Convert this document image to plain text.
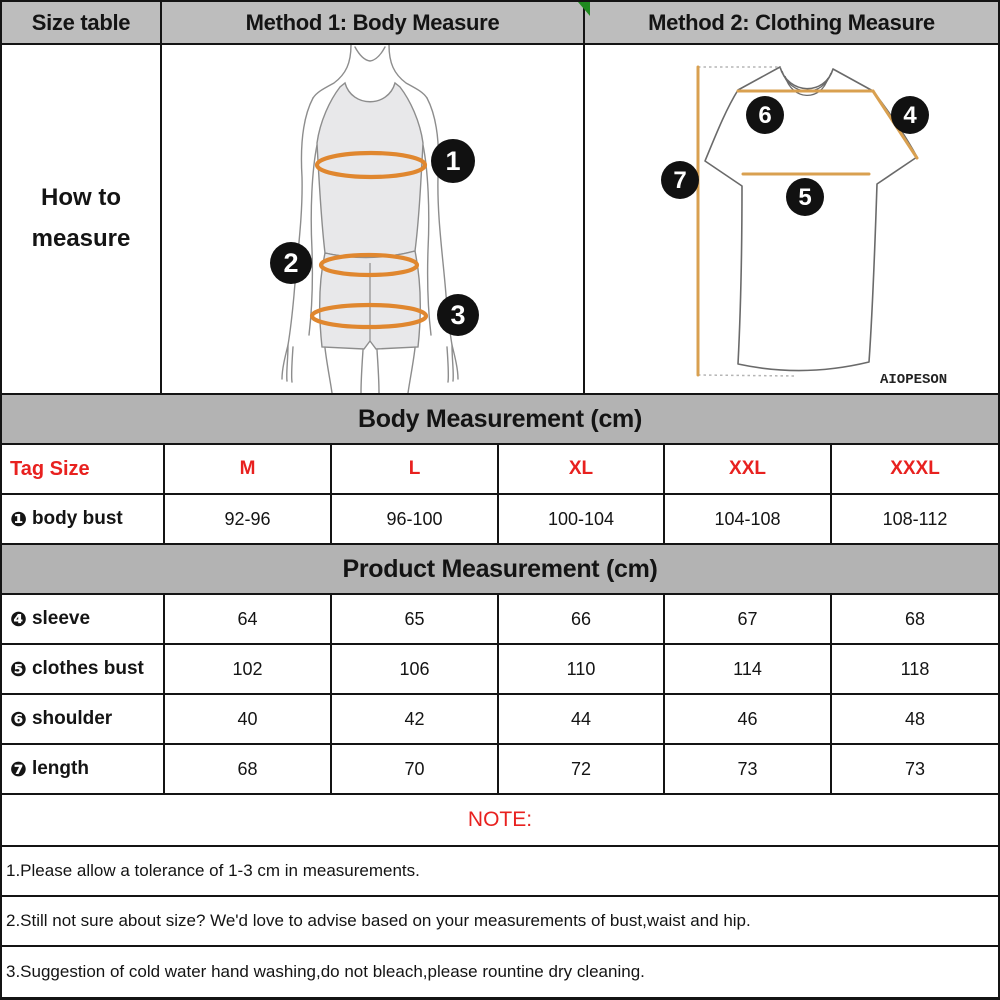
Size table	Method 1: Body Measure	Method 2: Clothing Measure
How to
measure
1
2
3
6	4
7
5
AIOPESON
Body Measurement (cm)
Tag Size	M	L	XL	XXL	XXXL
❶ body bust	92-96	96-100	100-104	104-108	108-112
Product Measurement (cm)
❹ sleeve	64	65	66	67	68
❺ clothes bust	102	106	110	114	118
❻ shoulder	40	42	44	46	48
❼ length	68	70	72	73	73
NOTE:
1.Please allow a tolerance of 1-3 cm in measurements.
2.Still not sure about size? We'd love to advise based on your measurements of bust,waist and hip.
3.Suggestion of cold water hand washing,do not bleach,please rountine dry cleaning.
